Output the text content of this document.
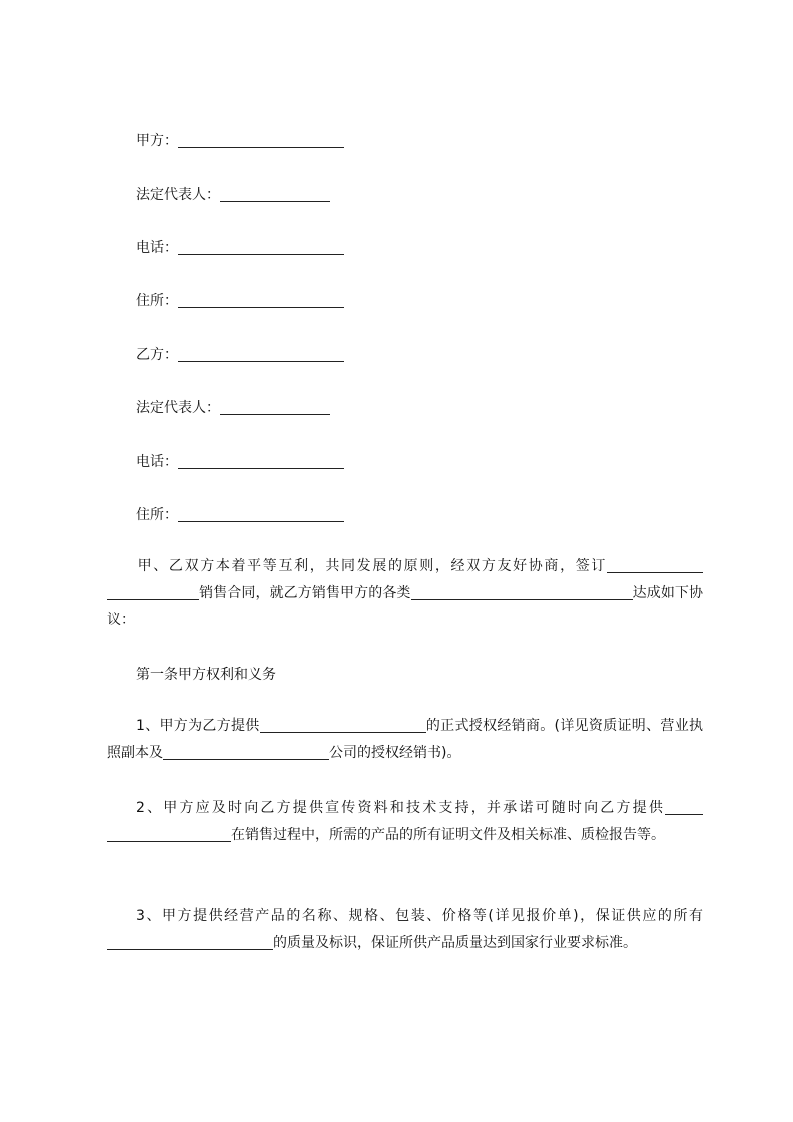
甲方：
法定代表人：
电话：
住所：
乙方：
法定代表人：
电话：
住所：
甲、乙双方本着平等互利，共同发展的原则，经双方友好协商，签订销售合同，就乙方销售甲方的各类	达成如下协议：
第一条甲方权利和义务
1、甲方为乙方提供	的正式授权经销商。(详见资质证明、营业执照副本及	公司的授权经销书)。
2、甲方应及时向乙方提供宣传资料和技术支持，并承诺可随时向乙方提供在销售过程中，所需的产品的所有证明文件及相关标准、质检报告等。
3、甲方提供经营产品的名称、规格、包装、价格等(详见报价单)，保证供应的所有的质量及标识，保证所供产品质量达到国家行业要求标准。
